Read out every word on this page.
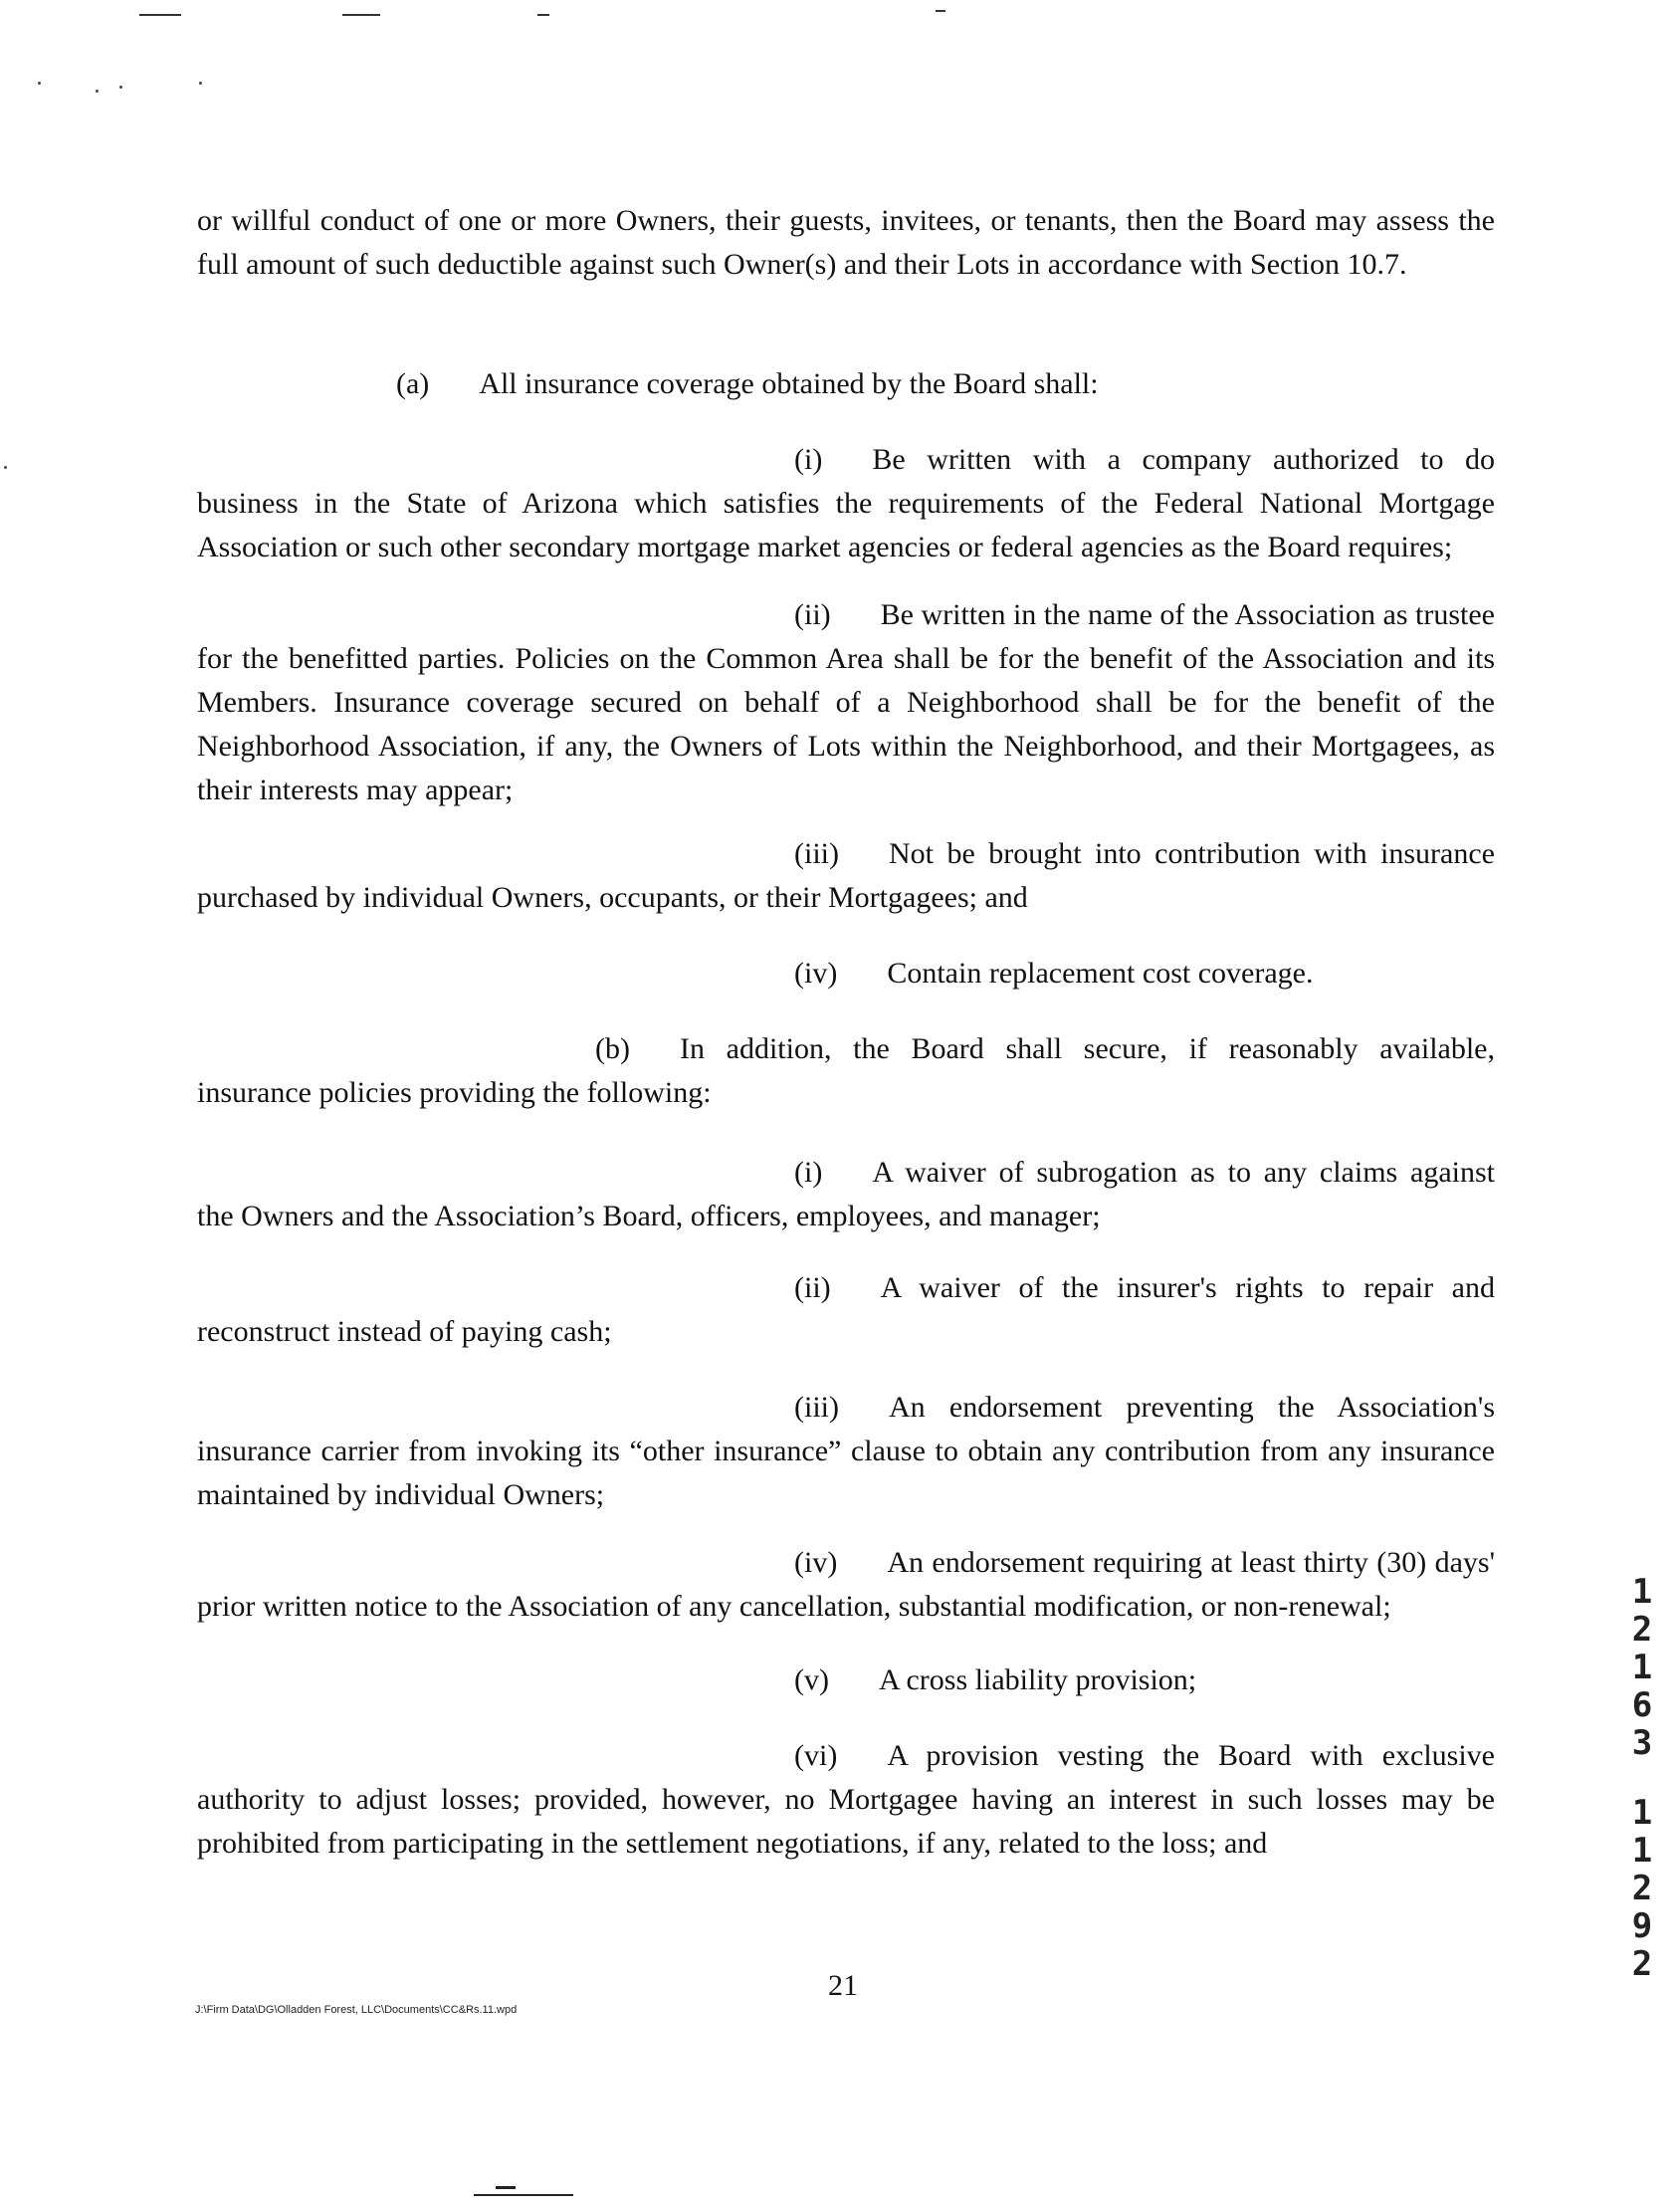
or willful conduct of one or more Owners, their guests, invitees, or tenants, then the Board may assess the full amount of such deductible against such Owner(s) and their Lots in accordance with Section 10.7.

(a) All insurance coverage obtained by the Board shall:

(i) Be written with a company authorized to do business in the State of Arizona which satisfies the requirements of the Federal National Mortgage Association or such other secondary mortgage market agencies or federal agencies as the Board requires;

(ii) Be written in the name of the Association as trustee for the benefitted parties. Policies on the Common Area shall be for the benefit of the Association and its Members. Insurance coverage secured on behalf of a Neighborhood shall be for the benefit of the Neighborhood Association, if any, the Owners of Lots within the Neighborhood, and their Mortgagees, as their interests may appear;

(iii) Not be brought into contribution with insurance purchased by individual Owners, occupants, or their Mortgagees; and

(iv) Contain replacement cost coverage.

(b) In addition, the Board shall secure, if reasonably available, insurance policies providing the following:

(i) A waiver of subrogation as to any claims against the Owners and the Association’s Board, officers, employees, and manager;

(ii) A waiver of the insurer's rights to repair and reconstruct instead of paying cash;

(iii) An endorsement preventing the Association's insurance carrier from invoking its “other insurance” clause to obtain any contribution from any insurance maintained by individual Owners;

(iv) An endorsement requiring at least thirty (30) days' prior written notice to the Association of any cancellation, substantial modification, or non-renewal;

(v) A cross liability provision;

(vi) A provision vesting the Board with exclusive authority to adjust losses; provided, however, no Mortgagee having an interest in such losses may be prohibited from participating in the settlement negotiations, if any, related to the loss; and

1
2
1
6
3
1
1
2
9
2
J:\Firm Data\DG\Olladden Forest, LLC\Documents\CC&Rs.11.wpd
21
